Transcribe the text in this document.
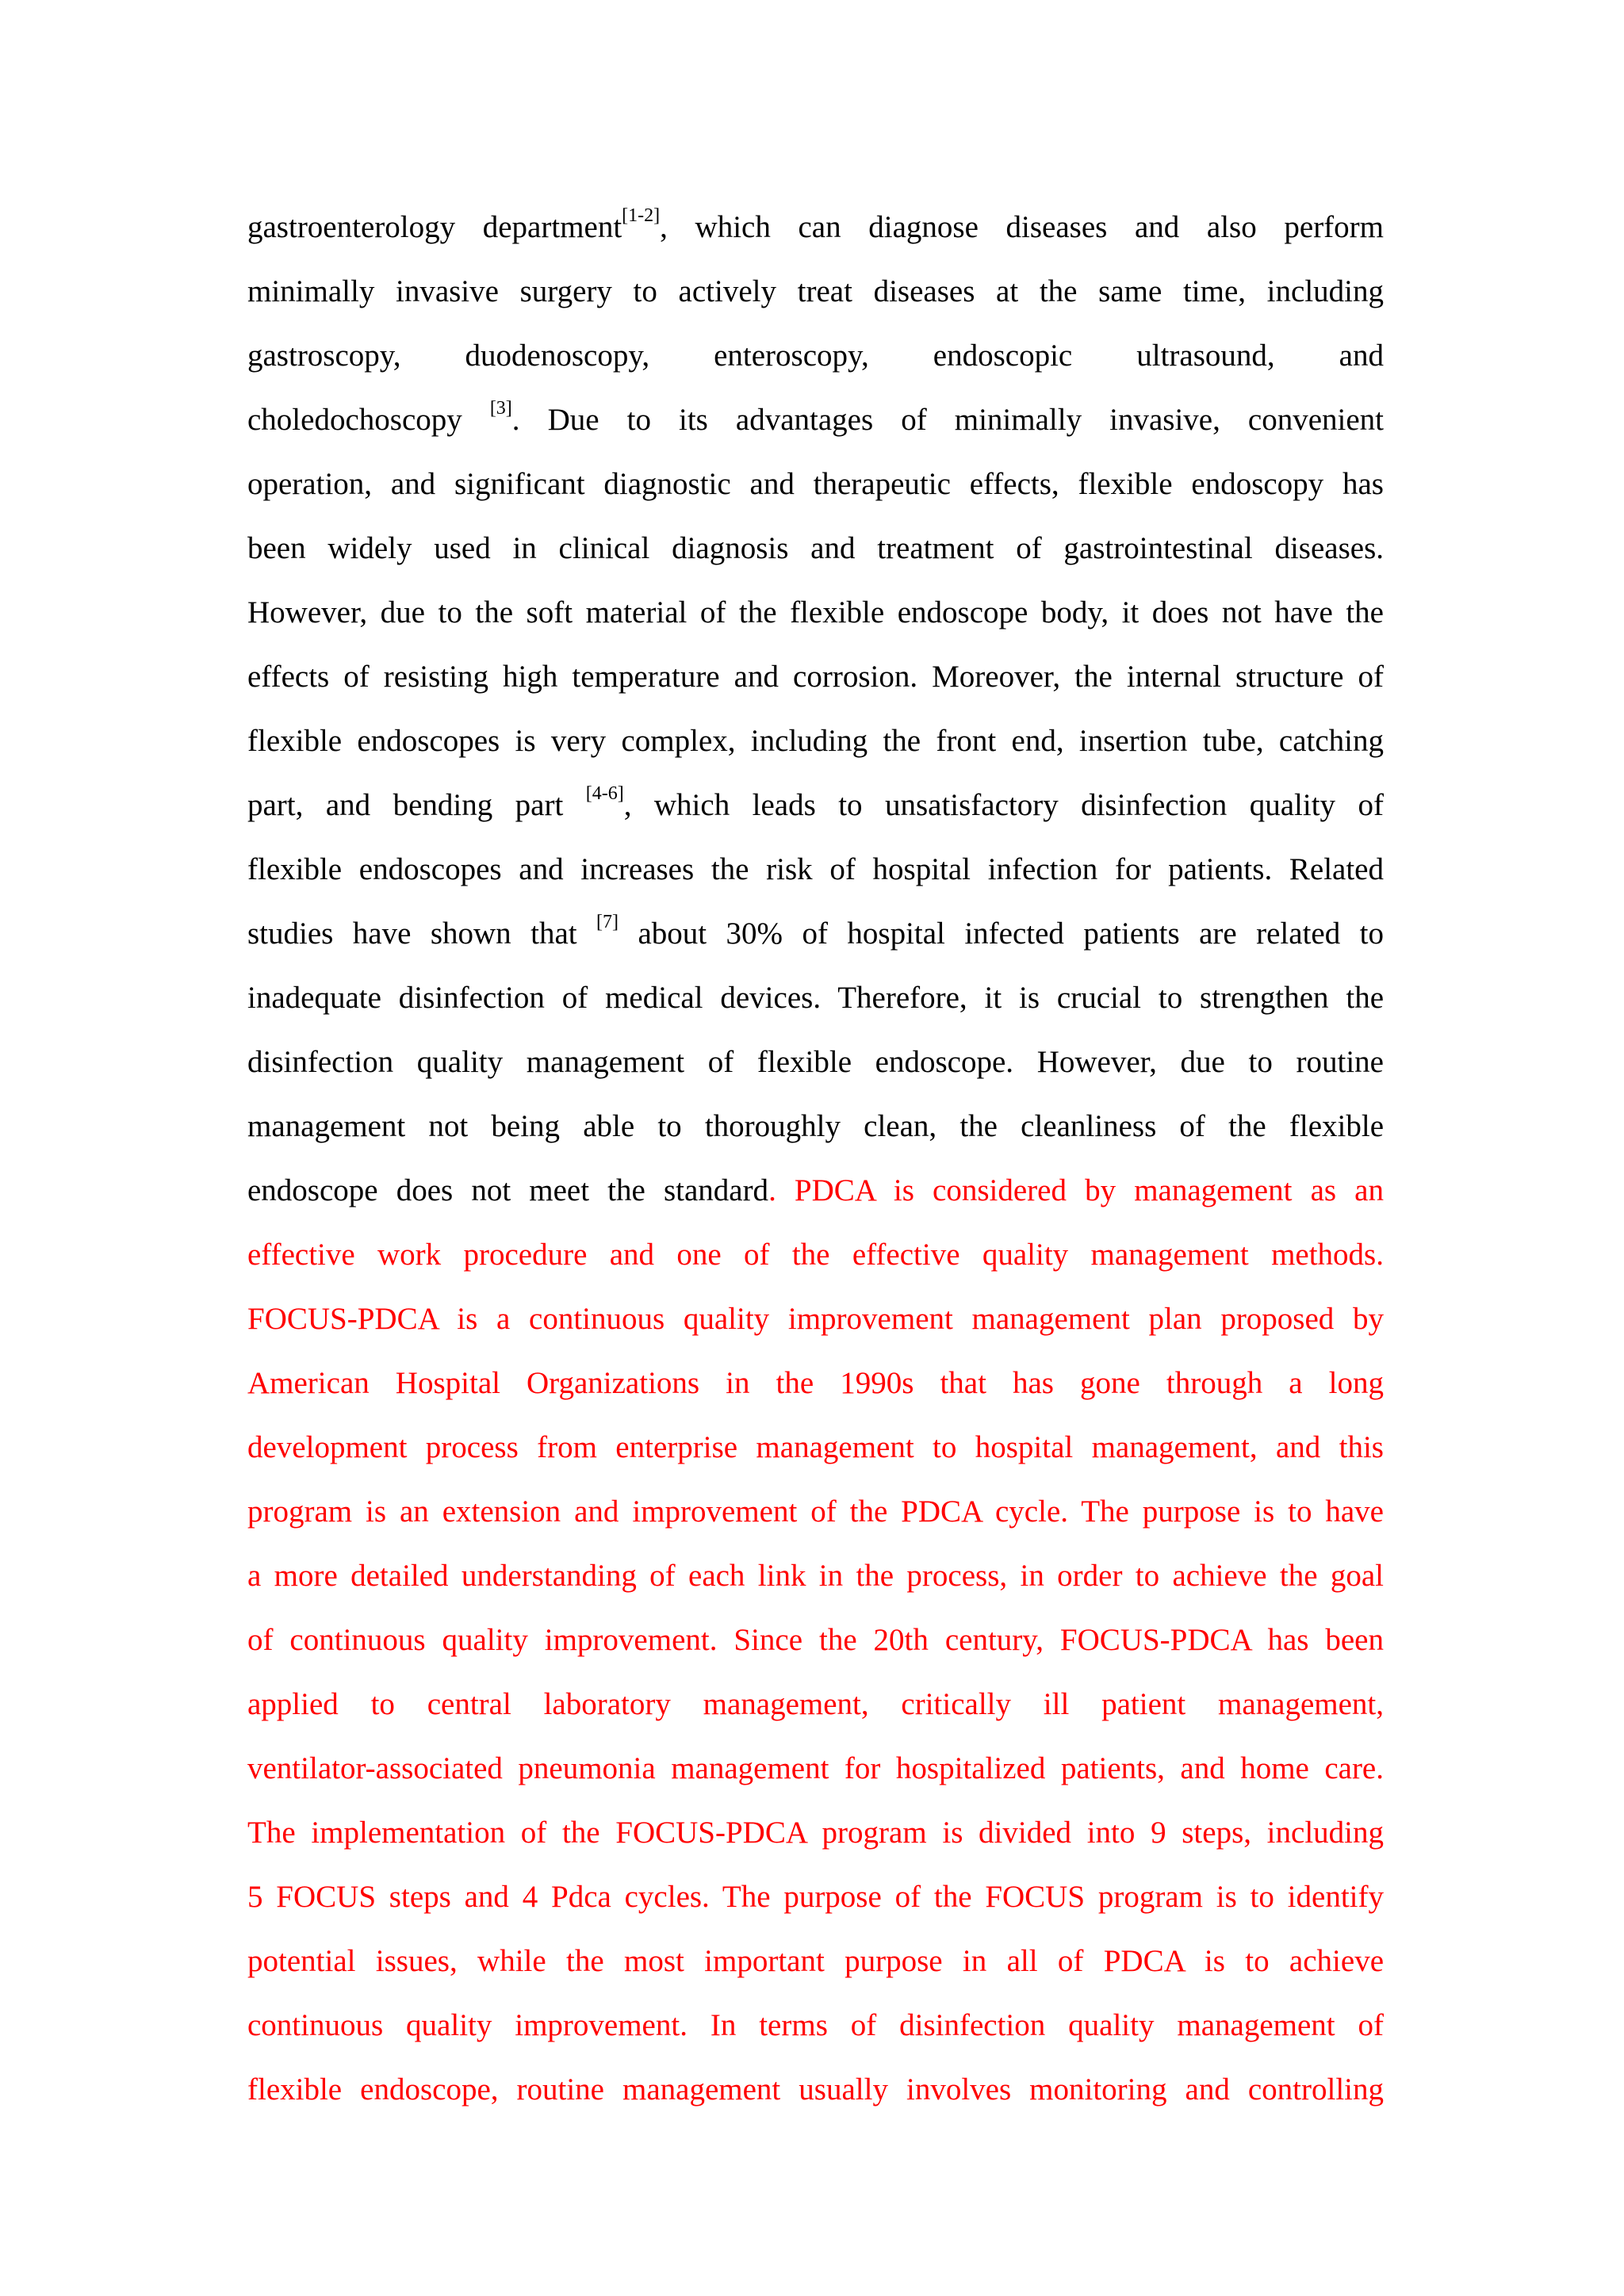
gastroenterology department[1-2], which can diagnose diseases and also perform
minimally invasive surgery to actively treat diseases at the same time, including
gastroscopy, duodenoscopy, enteroscopy, endoscopic ultrasound, and
choledochoscopy [3]. Due to its advantages of minimally invasive, convenient
operation, and significant diagnostic and therapeutic effects, flexible endoscopy has
been widely used in clinical diagnosis and treatment of gastrointestinal diseases.
However, due to the soft material of the flexible endoscope body, it does not have the
effects of resisting high temperature and corrosion. Moreover, the internal structure of
flexible endoscopes is very complex, including the front end, insertion tube, catching
part, and bending part [4-6], which leads to unsatisfactory disinfection quality of
flexible endoscopes and increases the risk of hospital infection for patients. Related
studies have shown that [7] about 30% of hospital infected patients are related to
inadequate disinfection of medical devices. Therefore, it is crucial to strengthen the
disinfection quality management of flexible endoscope. However, due to routine
management not being able to thoroughly clean, the cleanliness of the flexible
endoscope does not meet the standard. PDCA is considered by management as an
effective work procedure and one of the effective quality management methods.
FOCUS-PDCA is a continuous quality improvement management plan proposed by
American Hospital Organizations in the 1990s that has gone through a long
development process from enterprise management to hospital management, and this
program is an extension and improvement of the PDCA cycle. The purpose is to have
a more detailed understanding of each link in the process, in order to achieve the goal
of continuous quality improvement. Since the 20th century, FOCUS-PDCA has been
applied to central laboratory management, critically ill patient management,
ventilator-associated pneumonia management for hospitalized patients, and home care.
The implementation of the FOCUS-PDCA program is divided into 9 steps, including
5 FOCUS steps and 4 Pdca cycles. The purpose of the FOCUS program is to identify
potential issues, while the most important purpose in all of PDCA is to achieve
continuous quality improvement. In terms of disinfection quality management of
flexible endoscope, routine management usually involves monitoring and controlling
